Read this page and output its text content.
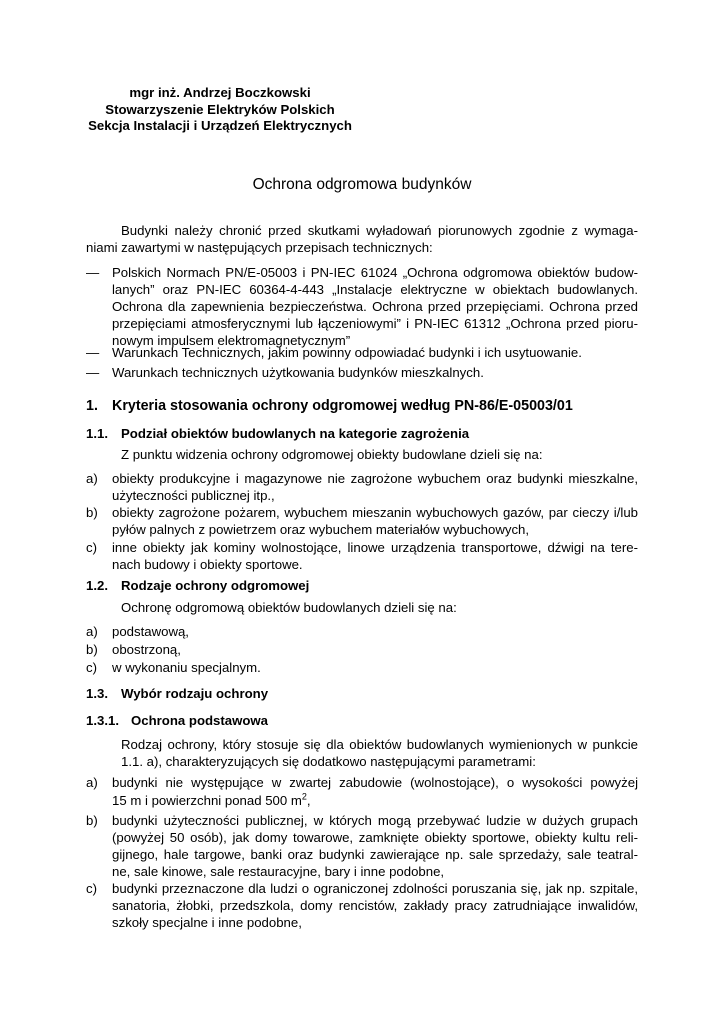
mgr inż. Andrzej Boczkowski
Stowarzyszenie Elektryków Polskich
Sekcja Instalacji i Urządzeń Elektrycznych
Ochrona odgromowa budynków
Budynki należy chronić przed skutkami wyładowań piorunowych zgodnie z wymaga-
niami zawartymi w następujących przepisach technicznych:
— Polskich Normach PN/E-05003 i PN-IEC 61024 „Ochrona odgromowa obiektów budow-
lanych” oraz PN-IEC 60364-4-443 „Instalacje elektryczne w obiektach budowlanych.
Ochrona dla zapewnienia bezpieczeństwa. Ochrona przed przepięciami. Ochrona przed
przepięciami atmosferycznymi lub łączeniowymi” i PN-IEC 61312 „Ochrona przed pioru-
nowym impulsem elektromagnetycznym”
— Warunkach Technicznych, jakim powinny odpowiadać budynki i ich usytuowanie.
— Warunkach technicznych użytkowania budynków mieszkalnych.
1. Kryteria stosowania ochrony odgromowej według PN-86/E-05003/01
1.1. Podział obiektów budowlanych na kategorie zagrożenia
Z punktu widzenia ochrony odgromowej obiekty budowlane dzieli się na:
a) obiekty produkcyjne i magazynowe nie zagrożone wybuchem oraz budynki mieszkalne,
użyteczności publicznej itp.,
b) obiekty zagrożone pożarem, wybuchem mieszanin wybuchowych gazów, par cieczy i/lub
pyłów palnych z powietrzem oraz wybuchem materiałów wybuchowych,
c) inne obiekty jak kominy wolnostojące, linowe urządzenia transportowe, dźwigi na tere-
nach budowy i obiekty sportowe.
1.2. Rodzaje ochrony odgromowej
Ochronę odgromową obiektów budowlanych dzieli się na:
a) podstawową,
b) obostrzoną,
c) w wykonaniu specjalnym.
1.3. Wybór rodzaju ochrony
1.3.1. Ochrona podstawowa
Rodzaj ochrony, który stosuje się dla obiektów budowlanych wymienionych w punkcie
1.1. a), charakteryzujących się dodatkowo następującymi parametrami:
a) budynki nie występujące w zwartej zabudowie (wolnostojące), o wysokości powyżej
15 m i powierzchni ponad 500 $m^2$,
b) budynki użyteczności publicznej, w których mogą przebywać ludzie w dużych grupach
(powyżej 50 osób), jak domy towarowe, zamknięte obiekty sportowe, obiekty kultu reli-
gijnego, hale targowe, banki oraz budynki zawierające np. sale sprzedaży, sale teatral-
ne, sale kinowe, sale restauracyjne, bary i inne podobne,
c) budynki przeznaczone dla ludzi o ograniczonej zdolności poruszania się, jak np. szpitale,
sanatoria, żłobki, przedszkola, domy rencistów, zakłady pracy zatrudniające inwalidów,
szkoły specjalne i inne podobne,
